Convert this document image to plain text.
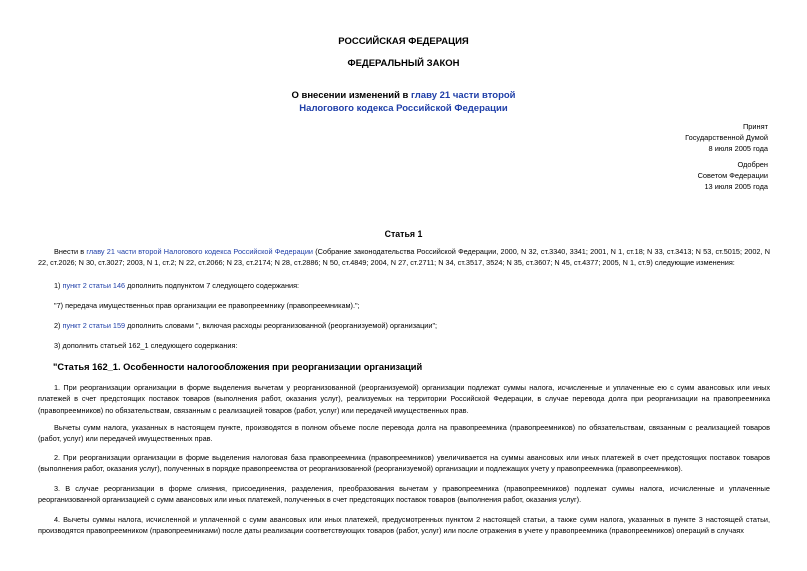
РОССИЙСКАЯ ФЕДЕРАЦИЯ
ФЕДЕРАЛЬНЫЙ ЗАКОН
О внесении изменений в главу 21 части второй
Налогового кодекса Российской Федерации
Принят
Государственной Думой
8 июля 2005 года
Одобрен
Советом Федерации
13 июля 2005 года
Статья 1
Внести в главу 21 части второй Налогового кодекса Российской Федерации (Собрание законодательства Российской Федерации, 2000, N 32, ст.3340, 3341; 2001, N 1, ст.18; N 33, ст.3413; N 53, ст.5015; 2002, N 22, ст.2026; N 30, ст.3027; 2003, N 1, ст.2; N 22, ст.2066; N 23, ст.2174; N 28, ст.2886; N 50, ст.4849; 2004, N 27, ст.2711; N 34, ст.3517, 3524; N 35, ст.3607; N 45, ст.4377; 2005, N 1, ст.9) следующие изменения:
1) пункт 2 статьи 146 дополнить подпунктом 7 следующего содержания:
"7) передача имущественных прав организации ее правопреемнику (правопреемникам).";
2) пункт 2 статьи 159 дополнить словами ", включая расходы реорганизованной (реорганизуемой) организации";
3) дополнить статьей 162_1 следующего содержания:
"Статья 162_1. Особенности налогообложения при реорганизации организаций
1. При реорганизации организации в форме выделения вычетам у реорганизованной (реорганизуемой) организации подлежат суммы налога, исчисленные и уплаченные ею с сумм авансовых или иных платежей в счет предстоящих поставок товаров (выполнения работ, оказания услуг), реализуемых на территории Российской Федерации, в случае перевода долга при реорганизации на правопреемника (правопреемников) по обязательствам, связанным с реализацией товаров (работ, услуг) или передачей имущественных прав.
Вычеты сумм налога, указанных в настоящем пункте, производятся в полном объеме после перевода долга на правопреемника (правопреемников) по обязательствам, связанным с реализацией товаров (работ, услуг) или передачей имущественных прав.
2. При реорганизации организации в форме выделения налоговая база правопреемника (правопреемников) увеличивается на суммы авансовых или иных платежей в счет предстоящих поставок товаров (выполнения работ, оказания услуг), полученных в порядке правопреемства от реорганизованной (реорганизуемой) организации и подлежащих учету у правопреемника (правопреемников).
3. В случае реорганизации в форме слияния, присоединения, разделения, преобразования вычетам у правопреемника (правопреемников) подлежат суммы налога, исчисленные и уплаченные реорганизованной организацией с сумм авансовых или иных платежей, полученных в счет предстоящих поставок товаров (выполнения работ, оказания услуг).
4. Вычеты суммы налога, исчисленной и уплаченной с сумм авансовых или иных платежей, предусмотренных пунктом 2 настоящей статьи, а также сумм налога, указанных в пункте 3 настоящей статьи, производятся правопреемником (правопреемниками) после даты реализации соответствующих товаров (работ, услуг) или после отражения в учете у правопреемника (правопреемников) операций в случаях
